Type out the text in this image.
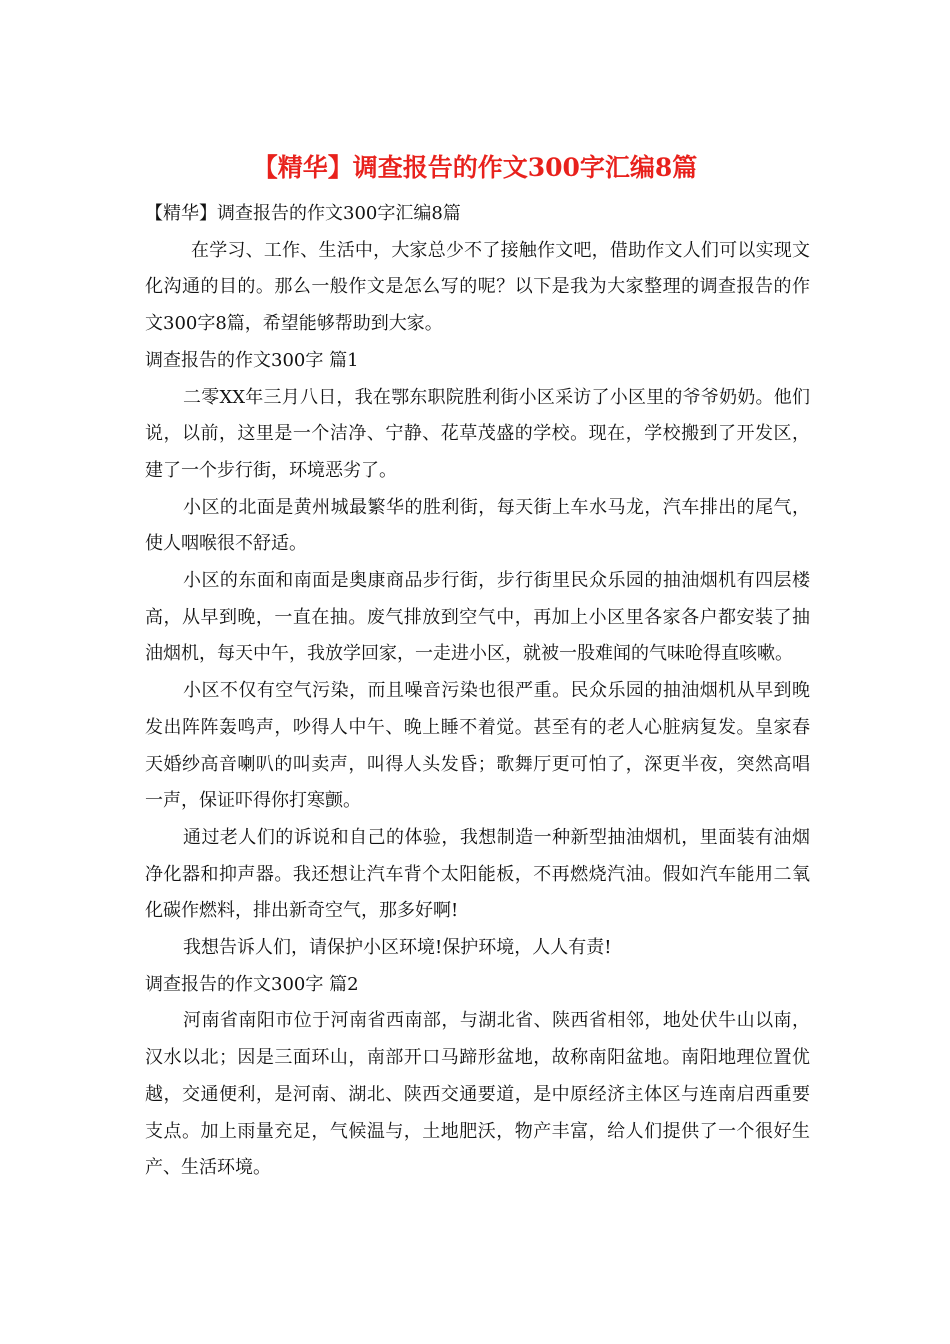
【精华】调查报告的作文300字汇编8篇

【精华】调查报告的作文300字汇编8篇

在学习、工作、生活中，大家总少不了接触作文吧，借助作文人们可以实现文化沟通的目的。那么一般作文是怎么写的呢？以下是我为大家整理的调查报告的作文300字8篇，希望能够帮助到大家。

调查报告的作文300字 篇1

二零XX年三月八日，我在鄂东职院胜利街小区采访了小区里的爷爷奶奶。他们说，以前，这里是一个洁净、宁静、花草茂盛的学校。现在，学校搬到了开发区，建了一个步行街，环境恶劣了。

小区的北面是黄州城最繁华的胜利街，每天街上车水马龙，汽车排出的尾气，使人咽喉很不舒适。

小区的东面和南面是奥康商品步行街，步行街里民众乐园的抽油烟机有四层楼高，从早到晚，一直在抽。废气排放到空气中，再加上小区里各家各户都安装了抽油烟机，每天中午，我放学回家，一走进小区，就被一股难闻的气味呛得直咳嗽。

小区不仅有空气污染，而且噪音污染也很严重。民众乐园的抽油烟机从早到晚发出阵阵轰鸣声，吵得人中午、晚上睡不着觉。甚至有的老人心脏病复发。皇家春天婚纱高音喇叭的叫卖声，叫得人头发昏；歌舞厅更可怕了，深更半夜，突然高唱一声，保证吓得你打寒颤。

通过老人们的诉说和自己的体验，我想制造一种新型抽油烟机，里面装有油烟净化器和抑声器。我还想让汽车背个太阳能板，不再燃烧汽油。假如汽车能用二氧化碳作燃料，排出新奇空气，那多好啊!

我想告诉人们，请保护小区环境!保护环境，人人有责!

调查报告的作文300字 篇2

河南省南阳市位于河南省西南部，与湖北省、陕西省相邻，地处伏牛山以南，汉水以北；因是三面环山，南部开口马蹄形盆地，故称南阳盆地。南阳地理位置优越，交通便利，是河南、湖北、陕西交通要道，是中原经济主体区与连南启西重要支点。加上雨量充足，气候温与，土地肥沃，物产丰富，给人们提供了一个很好生产、生活环境。
